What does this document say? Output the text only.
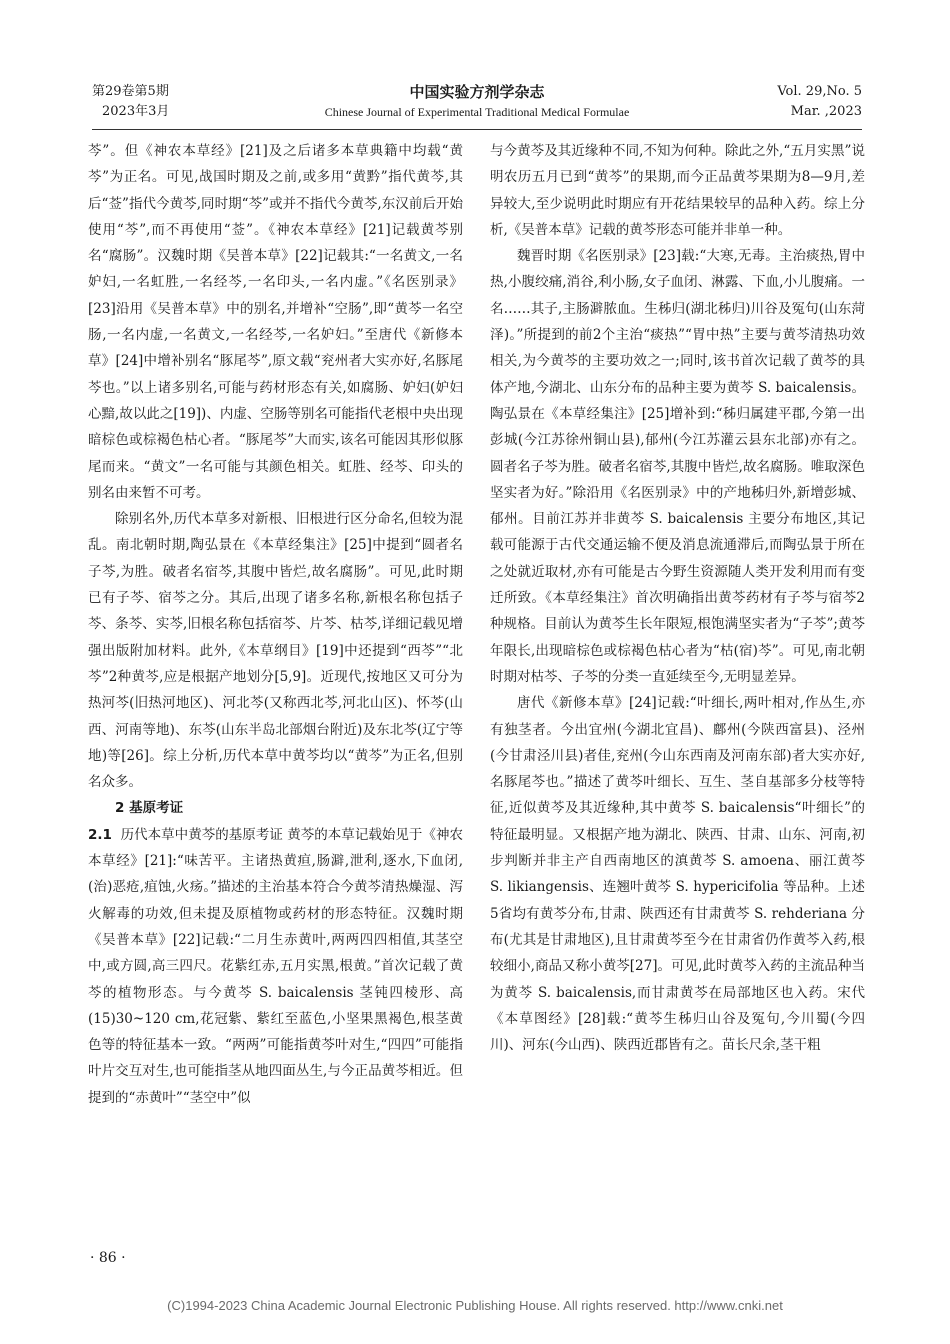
第29卷第5期
2023年3月
中国实验方剂学杂志
Chinese Journal of Experimental Traditional Medical Formulae
Vol. 29,No. 5
Mar. ,2023

芩”。但《神农本草经》[21]及之后诸多本草典籍中均载“黄芩”为正名。可见,战国时期及之前,或多用“黄黔”指代黄芩,其后“莶”指代今黄芩,同时期“芩”或并不指代今黄芩,东汉前后开始使用“芩”,而不再使用“莶”。《神农本草经》[21]记载黄芩别名“腐肠”。汉魏时期《吴普本草》[22]记载其:“一名黄文,一名妒妇,一名虹胜,一名经芩,一名印头,一名内虚。”《名医别录》[23]沿用《吴普本草》中的别名,并增补“空肠”,即“黄芩一名空肠,一名内虚,一名黄文,一名经芩,一名妒妇。”至唐代《新修本草》[24]中增补别名“豚尾芩”,原文载“兖州者大实亦好,名豚尾芩也。”以上诸多别名,可能与药材形态有关,如腐肠、妒妇(妒妇心黯,故以此之[19])、内虚、空肠等别名可能指代老根中央出现暗棕色或棕褐色枯心者。“豚尾芩”大而实,该名可能因其形似豚尾而来。“黄文”一名可能与其颜色相关。虹胜、经芩、印头的别名由来暂不可考。

除别名外,历代本草多对新根、旧根进行区分命名,但较为混乱。南北朝时期,陶弘景在《本草经集注》[25]中提到“圆者名子芩,为胜。破者名宿芩,其腹中皆烂,故名腐肠”。可见,此时期已有子芩、宿芩之分。其后,出现了诸多名称,新根名称包括子芩、条芩、实芩,旧根名称包括宿芩、片芩、枯芩,详细记载见增强出版附加材料。此外,《本草纲目》[19]中还提到“西芩”“北芩”2种黄芩,应是根据产地划分[5,9]。近现代,按地区又可分为热河芩(旧热河地区)、河北芩(又称西北芩,河北山区)、怀芩(山西、河南等地)、东芩(山东半岛北部烟台附近)及东北芩(辽宁等地)等[26]。综上分析,历代本草中黄芩均以“黄芩”为正名,但别名众多。

2 基原考证

2.1 历代本草中黄芩的基原考证 黄芩的本草记载始见于《神农本草经》[21]:“味苦平。主诸热黄疸,肠澼,泄利,逐水,下血闭,(治)恶疮,疽蚀,火疡。”描述的主治基本符合今黄芩清热燥湿、泻火解毒的功效,但未提及原植物或药材的形态特征。汉魏时期《吴普本草》[22]记载:“二月生赤黄叶,两两四四相值,其茎空中,或方圆,高三四尺。花紫红赤,五月实黑,根黄。”首次记载了黄芩的植物形态。与今黄芩 S. baicalensis 茎钝四棱形、高(15)30~120 cm,花冠紫、紫红至蓝色,小坚果黑褐色,根茎黄色等的特征基本一致。“两两”可能指黄芩叶对生,“四四”可能指叶片交互对生,也可能指茎从地四面丛生,与今正品黄芩相近。但提到的“赤黄叶”“茎空中”似

与今黄芩及其近缘种不同,不知为何种。除此之外,“五月实黑”说明农历五月已到“黄芩”的果期,而今正品黄芩果期为8—9月,差异较大,至少说明此时期应有开花结果较早的品种入药。综上分析,《吴普本草》记载的黄芩形态可能并非单一种。

魏晋时期《名医别录》[23]载:“大寒,无毒。主治痰热,胃中热,小腹绞痛,消谷,利小肠,女子血闭、淋露、下血,小儿腹痛。一名……其子,主肠澼脓血。生秭归(湖北秭归)川谷及冤句(山东菏泽)。”所提到的前2个主治“痰热”“胃中热”主要与黄芩清热功效相关,为今黄芩的主要功效之一;同时,该书首次记载了黄芩的具体产地,今湖北、山东分布的品种主要为黄芩 S. baicalensis。陶弘景在《本草经集注》[25]增补到:“秭归属建平郡,今第一出彭城(今江苏徐州铜山县),郁州(今江苏灌云县东北部)亦有之。圆者名子芩为胜。破者名宿芩,其腹中皆烂,故名腐肠。唯取深色坚实者为好。”除沿用《名医别录》中的产地秭归外,新增彭城、郁州。目前江苏并非黄芩 S. baicalensis 主要分布地区,其记载可能源于古代交通运输不便及消息流通滞后,而陶弘景于所在之处就近取材,亦有可能是古今野生资源随人类开发利用而有变迁所致。《本草经集注》首次明确指出黄芩药材有子芩与宿芩2种规格。目前认为黄芩生长年限短,根饱满坚实者为“子芩”;黄芩年限长,出现暗棕色或棕褐色枯心者为“枯(宿)芩”。可见,南北朝时期对枯芩、子芩的分类一直延续至今,无明显差异。

唐代《新修本草》[24]记载:“叶细长,两叶相对,作丛生,亦有独茎者。今出宜州(今湖北宜昌)、鄜州(今陕西富县)、泾州(今甘肃泾川县)者佳,兖州(今山东西南及河南东部)者大实亦好,名豚尾芩也。”描述了黄芩叶细长、互生、茎自基部多分枝等特征,近似黄芩及其近缘种,其中黄芩 S. baicalensis“叶细长”的特征最明显。又根据产地为湖北、陕西、甘肃、山东、河南,初步判断并非主产自西南地区的滇黄芩 S. amoena、丽江黄芩 S. likiangensis、连翘叶黄芩 S. hypericifolia 等品种。上述5省均有黄芩分布,甘肃、陕西还有甘肃黄芩 S. rehderiana 分布(尤其是甘肃地区),且甘肃黄芩至今在甘肃省仍作黄芩入药,根较细小,商品又称小黄芩[27]。可见,此时黄芩入药的主流品种当为黄芩 S. baicalensis,而甘肃黄芩在局部地区也入药。宋代《本草图经》[28]载:“黄芩生秭归山谷及冤句,今川蜀(今四川)、河东(今山西)、陕西近郡皆有之。苗长尺余,茎干粗

· 86 ·
(C)1994-2023 China Academic Journal Electronic Publishing House. All rights reserved. http://www.cnki.net
